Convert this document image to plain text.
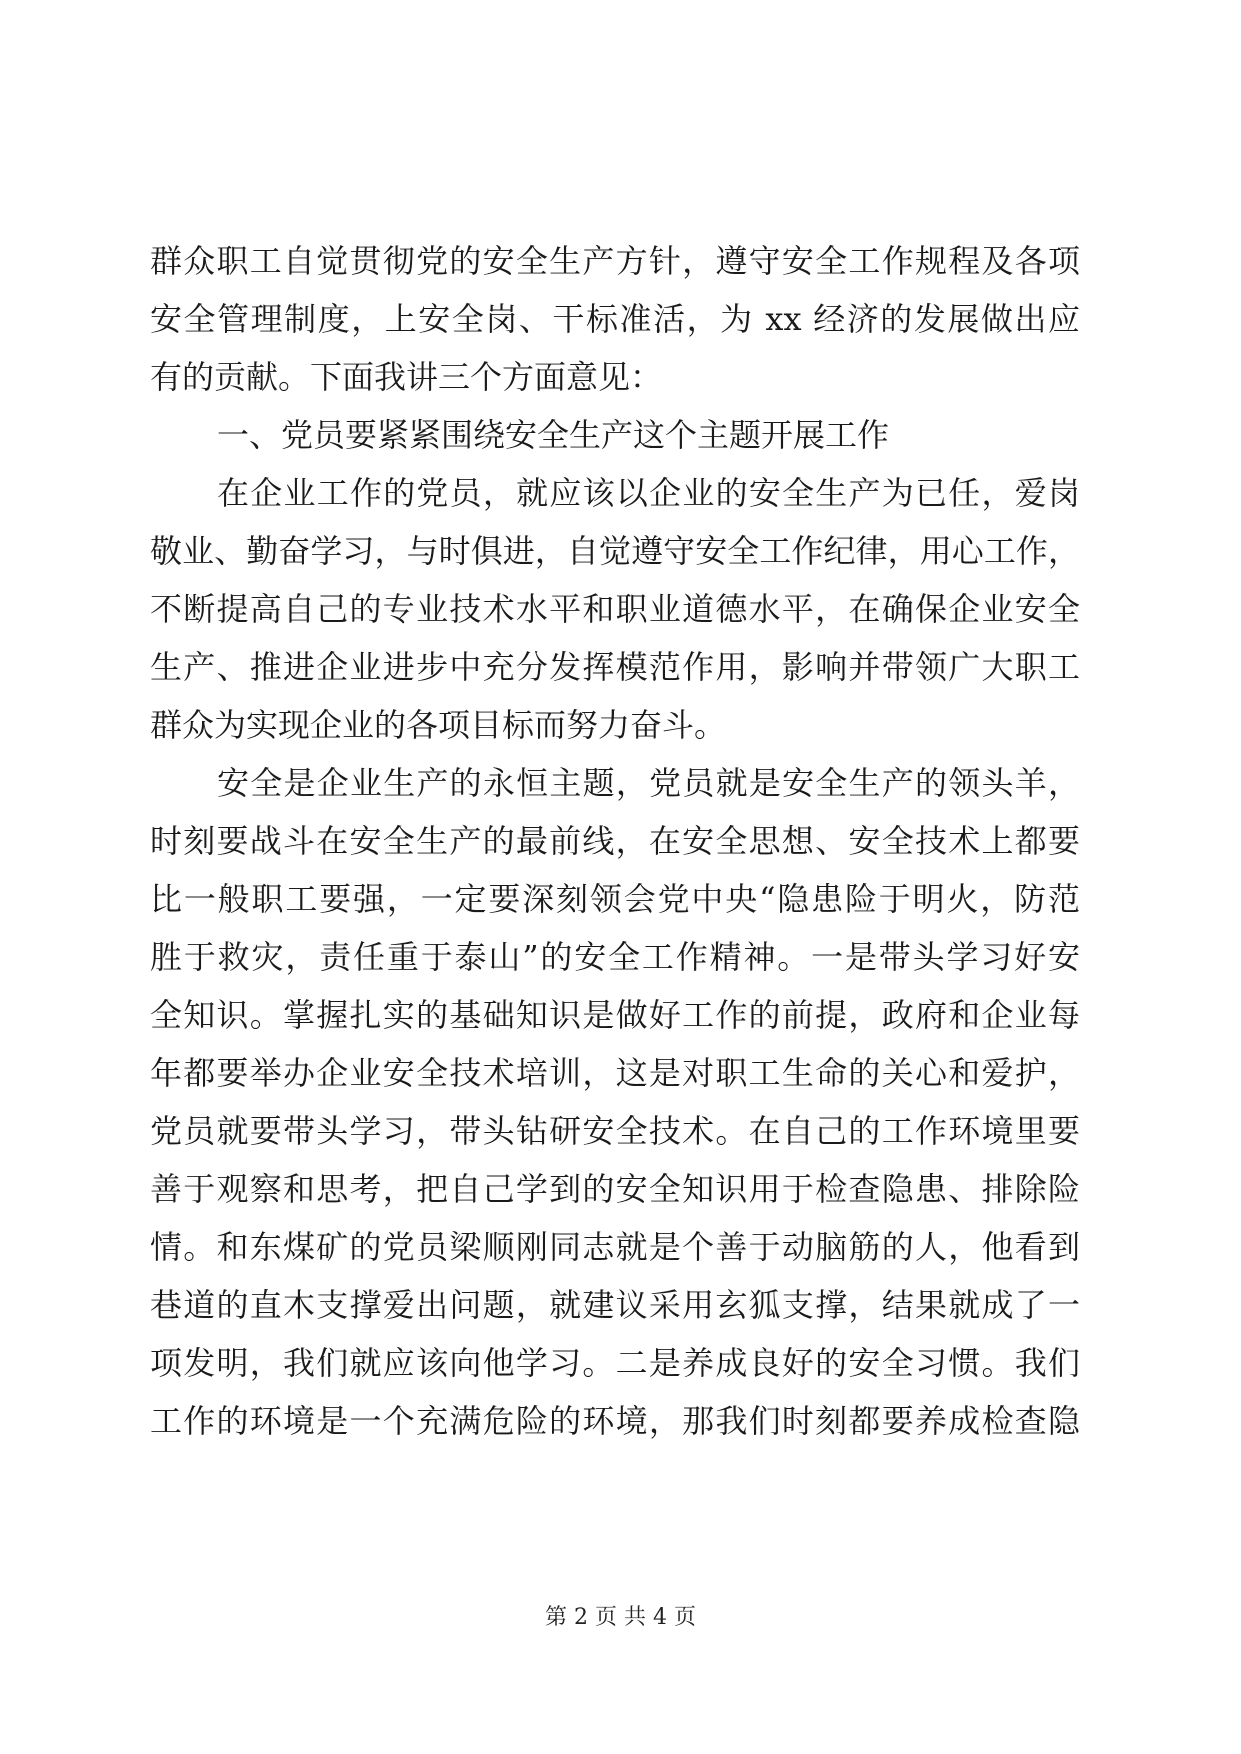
群众职工自觉贯彻党的安全生产方针，遵守安全工作规程及各项
安全管理制度，上安全岗、干标准活，为 xx 经济的发展做出应
有的贡献。下面我讲三个方面意见：
一、党员要紧紧围绕安全生产这个主题开展工作
在企业工作的党员，就应该以企业的安全生产为已任，爱岗
敬业、勤奋学习，与时俱进，自觉遵守安全工作纪律，用心工作，
不断提高自己的专业技术水平和职业道德水平，在确保企业安全
生产、推进企业进步中充分发挥模范作用，影响并带领广大职工
群众为实现企业的各项目标而努力奋斗。
安全是企业生产的永恒主题，党员就是安全生产的领头羊，
时刻要战斗在安全生产的最前线，在安全思想、安全技术上都要
比一般职工要强，一定要深刻领会党中央“隐患险于明火，防范
胜于救灾，责任重于泰山”的安全工作精神。一是带头学习好安
全知识。掌握扎实的基础知识是做好工作的前提，政府和企业每
年都要举办企业安全技术培训，这是对职工生命的关心和爱护，
党员就要带头学习，带头钻研安全技术。在自己的工作环境里要
善于观察和思考，把自己学到的安全知识用于检查隐患、排除险
情。和东煤矿的党员梁顺刚同志就是个善于动脑筋的人，他看到
巷道的直木支撑爱出问题，就建议采用玄狐支撑，结果就成了一
项发明，我们就应该向他学习。二是养成良好的安全习惯。我们
工作的环境是一个充满危险的环境，那我们时刻都要养成检查隐
第 2 页 共 4 页
